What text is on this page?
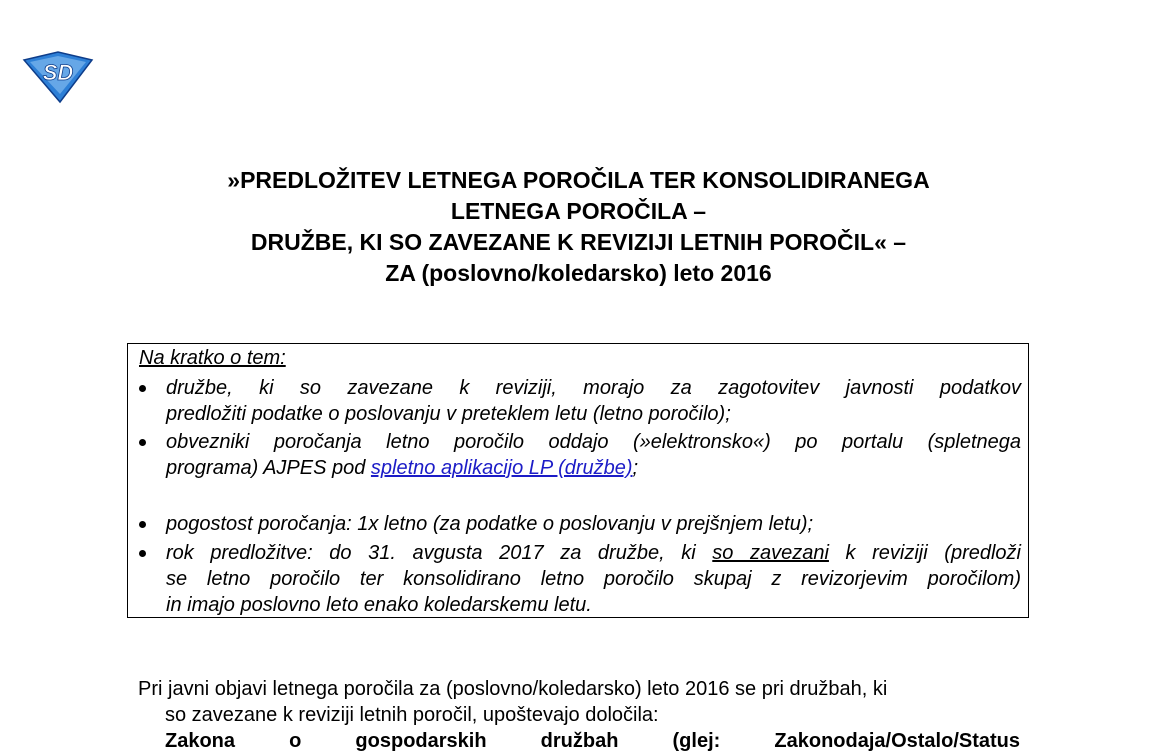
SD
»PREDLOŽITEV LETNEGA POROČILA TER KONSOLIDIRANEGA
LETNEGA POROČILA –
DRUŽBE, KI SO ZAVEZANE K REVIZIJI LETNIH POROČIL« –
ZA (poslovno/koledarsko) leto 2016
Na kratko o tem:
družbe, ki so zavezane k reviziji, morajo za zagotovitev javnosti podatkov
predložiti podatke o poslovanju v preteklem letu (letno poročilo);
obvezniki poročanja letno poročilo oddajo (»elektronsko«) po portalu (spletnega
programa) AJPES pod spletno aplikacijo LP (družbe);
pogostost poročanja: 1x letno (za podatke o poslovanju v prejšnjem letu);
rok predložitve: do 31. avgusta 2017 za družbe, ki so zavezani k reviziji (predloži
se letno poročilo ter konsolidirano letno poročilo skupaj z revizorjevim poročilom)
in imajo poslovno leto enako koledarskemu letu.
Pri javni objavi letnega poročila za (poslovno/koledarsko) leto 2016 se pri družbah, ki
so zavezane k reviziji letnih poročil, upoštevajo določila:
Zakona o gospodarskih družbah (glej: Zakonodaja/Ostalo/Status
